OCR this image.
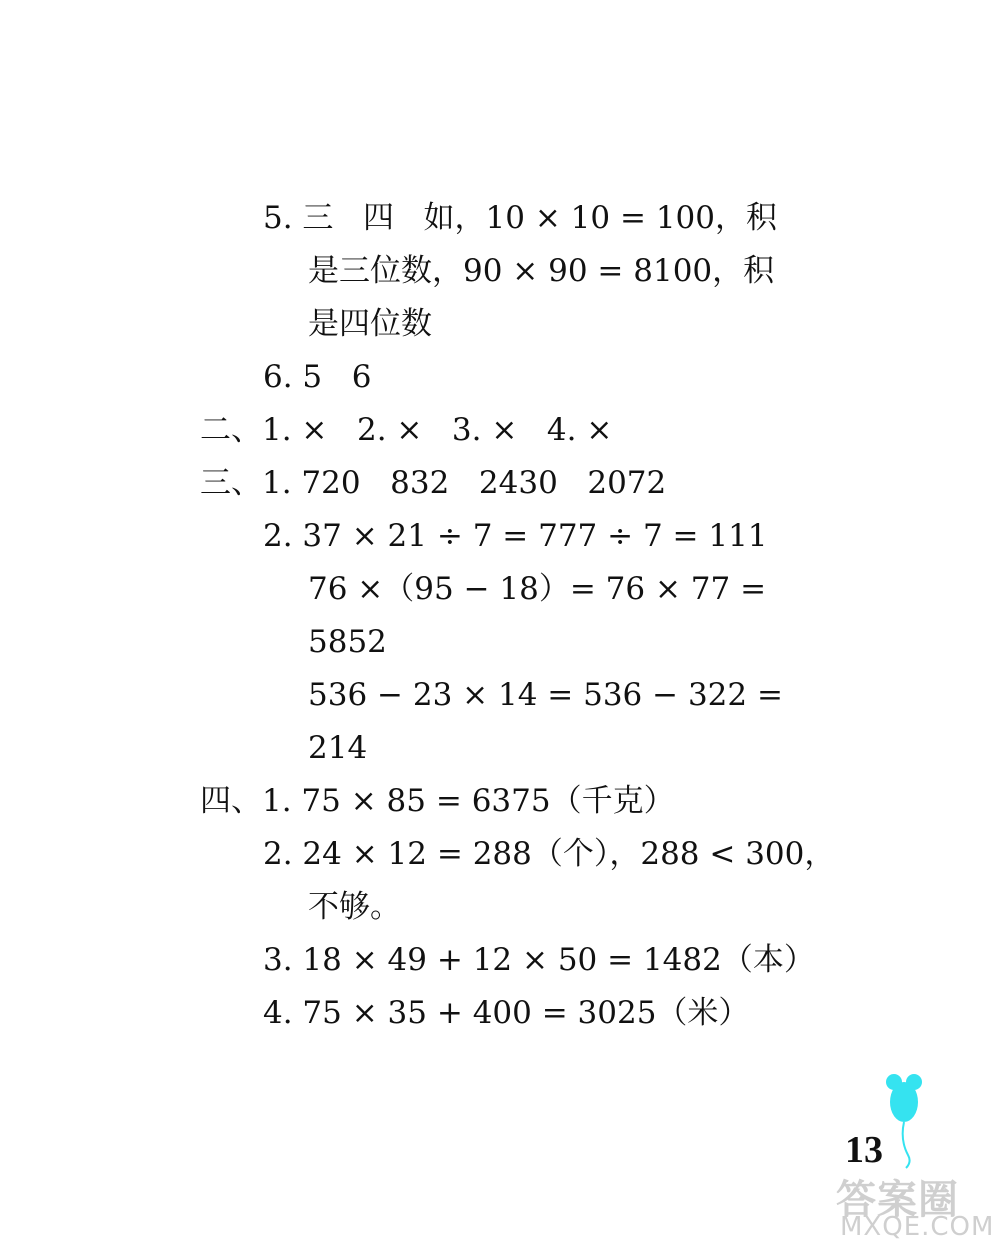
5. 三   四   如，10 × 10 = 100，积
是三位数，90 × 90 = 8100，积
是四位数
6. 5   6
二、1. ×   2. ×   3. ×   4. ×
三、1. 720   832   2430   2072
2. 37 × 21 ÷ 7 = 777 ÷ 7 = 111
76 ×（95 − 18）= 76 × 77 =
5852
536 − 23 × 14 = 536 − 322 =
214
四、1. 75 × 85 = 6375（千克）
2. 24 × 12 = 288（个），288 < 300，
不够。
3. 18 × 49 + 12 × 50 = 1482（本）
4. 75 × 35 + 400 = 3025（米）
13
答案圈
MXQE.COM
